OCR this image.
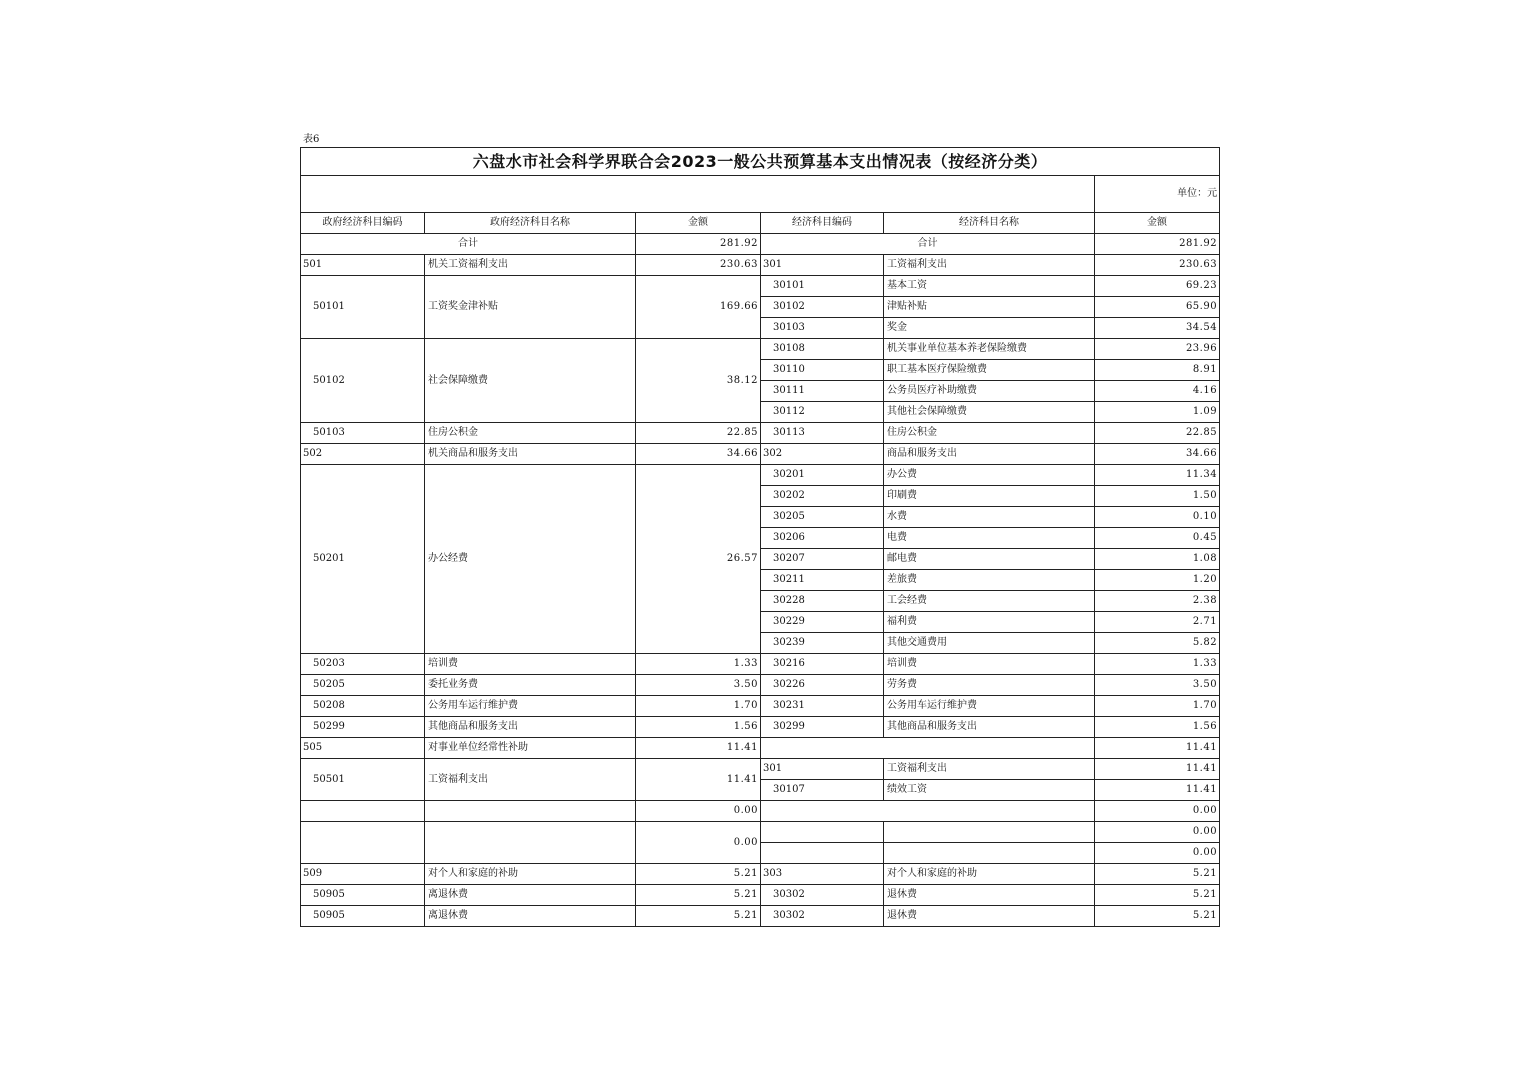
表6
六盘水市社会科学界联合会2023一般公共预算基本支出情况表（按经济分类）					
					单位：元
政府经济科目编码	政府经济科目名称	金额	经济科目编码	经济科目名称	金额
合计		281.92	合计		281.92
501	机关工资福利支出	230.63	301	工资福利支出	230.63
50101	工资奖金津补贴	169.66	30101	基本工资	69.23
			30102	津贴补贴	65.90
			30103	奖金	34.54
50102	社会保障缴费	38.12	30108	机关事业单位基本养老保险缴费	23.96
			30110	职工基本医疗保险缴费	8.91
			30111	公务员医疗补助缴费	4.16
			30112	其他社会保障缴费	1.09
50103	住房公积金	22.85	30113	住房公积金	22.85
502	机关商品和服务支出	34.66	302	商品和服务支出	34.66
50201	办公经费	26.57	30201	办公费	11.34
			30202	印刷费	1.50
			30205	水费	0.10
			30206	电费	0.45
			30207	邮电费	1.08
			30211	差旅费	1.20
			30228	工会经费	2.38
			30229	福利费	2.71
			30239	其他交通费用	5.82
50203	培训费	1.33	30216	培训费	1.33
50205	委托业务费	3.50	30226	劳务费	3.50
50208	公务用车运行维护费	1.70	30231	公务用车运行维护费	1.70
50299	其他商品和服务支出	1.56	30299	其他商品和服务支出	1.56
505	对事业单位经常性补助	11.41			11.41
50501	工资福利支出	11.41	301	工资福利支出	11.41
			30107	绩效工资	11.41
		0.00			0.00
		0.00			0.00
					0.00
509	对个人和家庭的补助	5.21	303	对个人和家庭的补助	5.21
50905	离退休费	5.21	30302	退休费	5.21
50905	离退休费	5.21	30302	退休费	5.21
